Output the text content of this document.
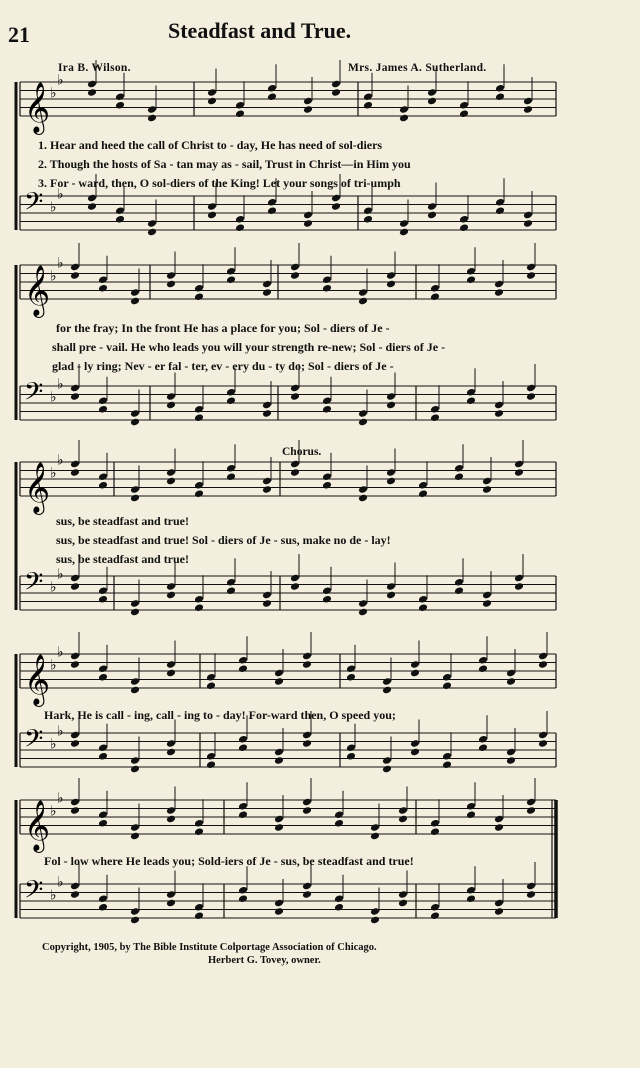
21	Steadfast and True.
Ira B. Wilson.	Mrs. James A. Sutherland.
𝄞 ♭
♭
𝄢 ♭
♭
𝄞 ♭
♭
𝄢 ♭
♭
𝄞 ♭
♭
𝄢 ♭
♭
𝄞 ♭
♭
𝄢 ♭
♭
𝄞 ♭
♭
𝄢 ♭
♭
1. Hear and heed the call of Christ to - day, He has need of sol-diers
2. Though the hosts of Sa - tan may as - sail, Trust in Christ—in Him you
3. For - ward, then, O sol-diers of the King! Let your songs of tri-umph
for the fray; In the front He has a place for you; Sol - diers of Je -
shall pre - vail. He who leads you will your strength re-new; Sol - diers of Je -
glad - ly ring; Nev - er fal - ter, ev - ery du - ty do; Sol - diers of Je -
Chorus.
sus, be steadfast and true!
sus, be steadfast and true! Sol - diers of Je - sus, make no de - lay!
sus, be steadfast and true!
Hark, He is call - ing, call - ing to - day! For-ward then, O speed you;
Fol - low where He leads you; Sold-iers of Je - sus, be steadfast and true!
Copyright, 1905, by The Bible Institute Colportage Association of Chicago.
Herbert G. Tovey, owner.
